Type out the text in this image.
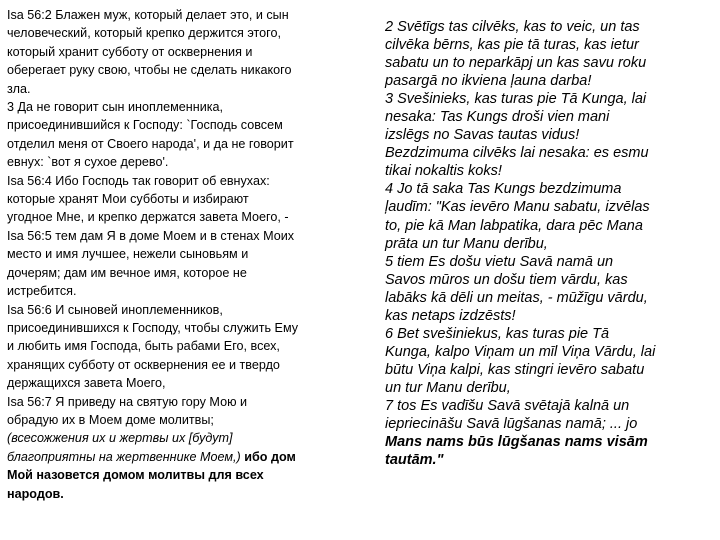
Isa 56:2 Блажен муж, который делает это, и сын
человеческий, который крепко держится этого,
который хранит субботу от осквернения и
оберегает руку свою, чтобы не сделать никакого
зла.
3 Да не говорит сын иноплеменника,
присоединившийся к Господу: `Господь совсем
отделил меня от Своего народа', и да не говорит
евнух: `вот я сухое дерево'.
Isa 56:4 Ибо Господь так говорит об евнухах:
которые хранят Мои субботы и избирают
угодное Мне, и крепко держатся завета Моего, -
Isa 56:5 тем дам Я в доме Моем и в стенах Моих
место и имя лучшее, нежели сыновьям и
дочерям; дам им вечное имя, которое не
истребится.
Isa 56:6 И сыновей иноплеменников,
присоединившихся к Господу, чтобы служить Ему
и любить имя Господа, быть рабами Его, всех,
хранящих субботу от осквернения ее и твердо
держащихся завета Моего,
Isa 56:7 Я приведу на святую гору Мою и
обрадую их в Моем доме молитвы;
(всесожжения их и жертвы их [будут]
благоприятны на жертвеннике Моем,) ибо дом
Мой назовется домом молитвы для всех
народов.
2 Svētīgs tas cilvēks, kas to veic, un tas
cilvēka bērns, kas pie tā turas, kas ietur
sabatu un to neparkāpj un kas savu roku
pasargā no ikviena ļauna darba!
3 Svešinieks, kas turas pie Tā Kunga, lai
nesaka: Tas Kungs droši vien mani
izslēgs no Savas tautas vidus!
Bezdzimuma cilvēks lai nesaka: es esmu
tikai nokaltis koks!
4 Jo tā saka Tas Kungs bezdzimuma
ļaudīm: "Kas ievēro Manu sabatu, izvēlas
to, pie kā Man labpatika, dara pēc Mana
prāta un tur Manu derību,
5 tiem Es došu vietu Savā namā un
Savos mūros un došu tiem vārdu, kas
labāks kā dēli un meitas, - mūžīgu vārdu,
kas netaps izdzēsts!
6 Bet svešiniekus, kas turas pie Tā
Kunga, kalpo Viņam un mīl Viņa Vārdu, lai
būtu Viņa kalpi, kas stingri ievēro sabatu
un tur Manu derību,
7 tos Es vadīšu Savā svētajā kalnā un
iepriecināšu Savā lūgšanas namā; ... jo
Mans nams būs lūgšanas nams visām
tautām."
